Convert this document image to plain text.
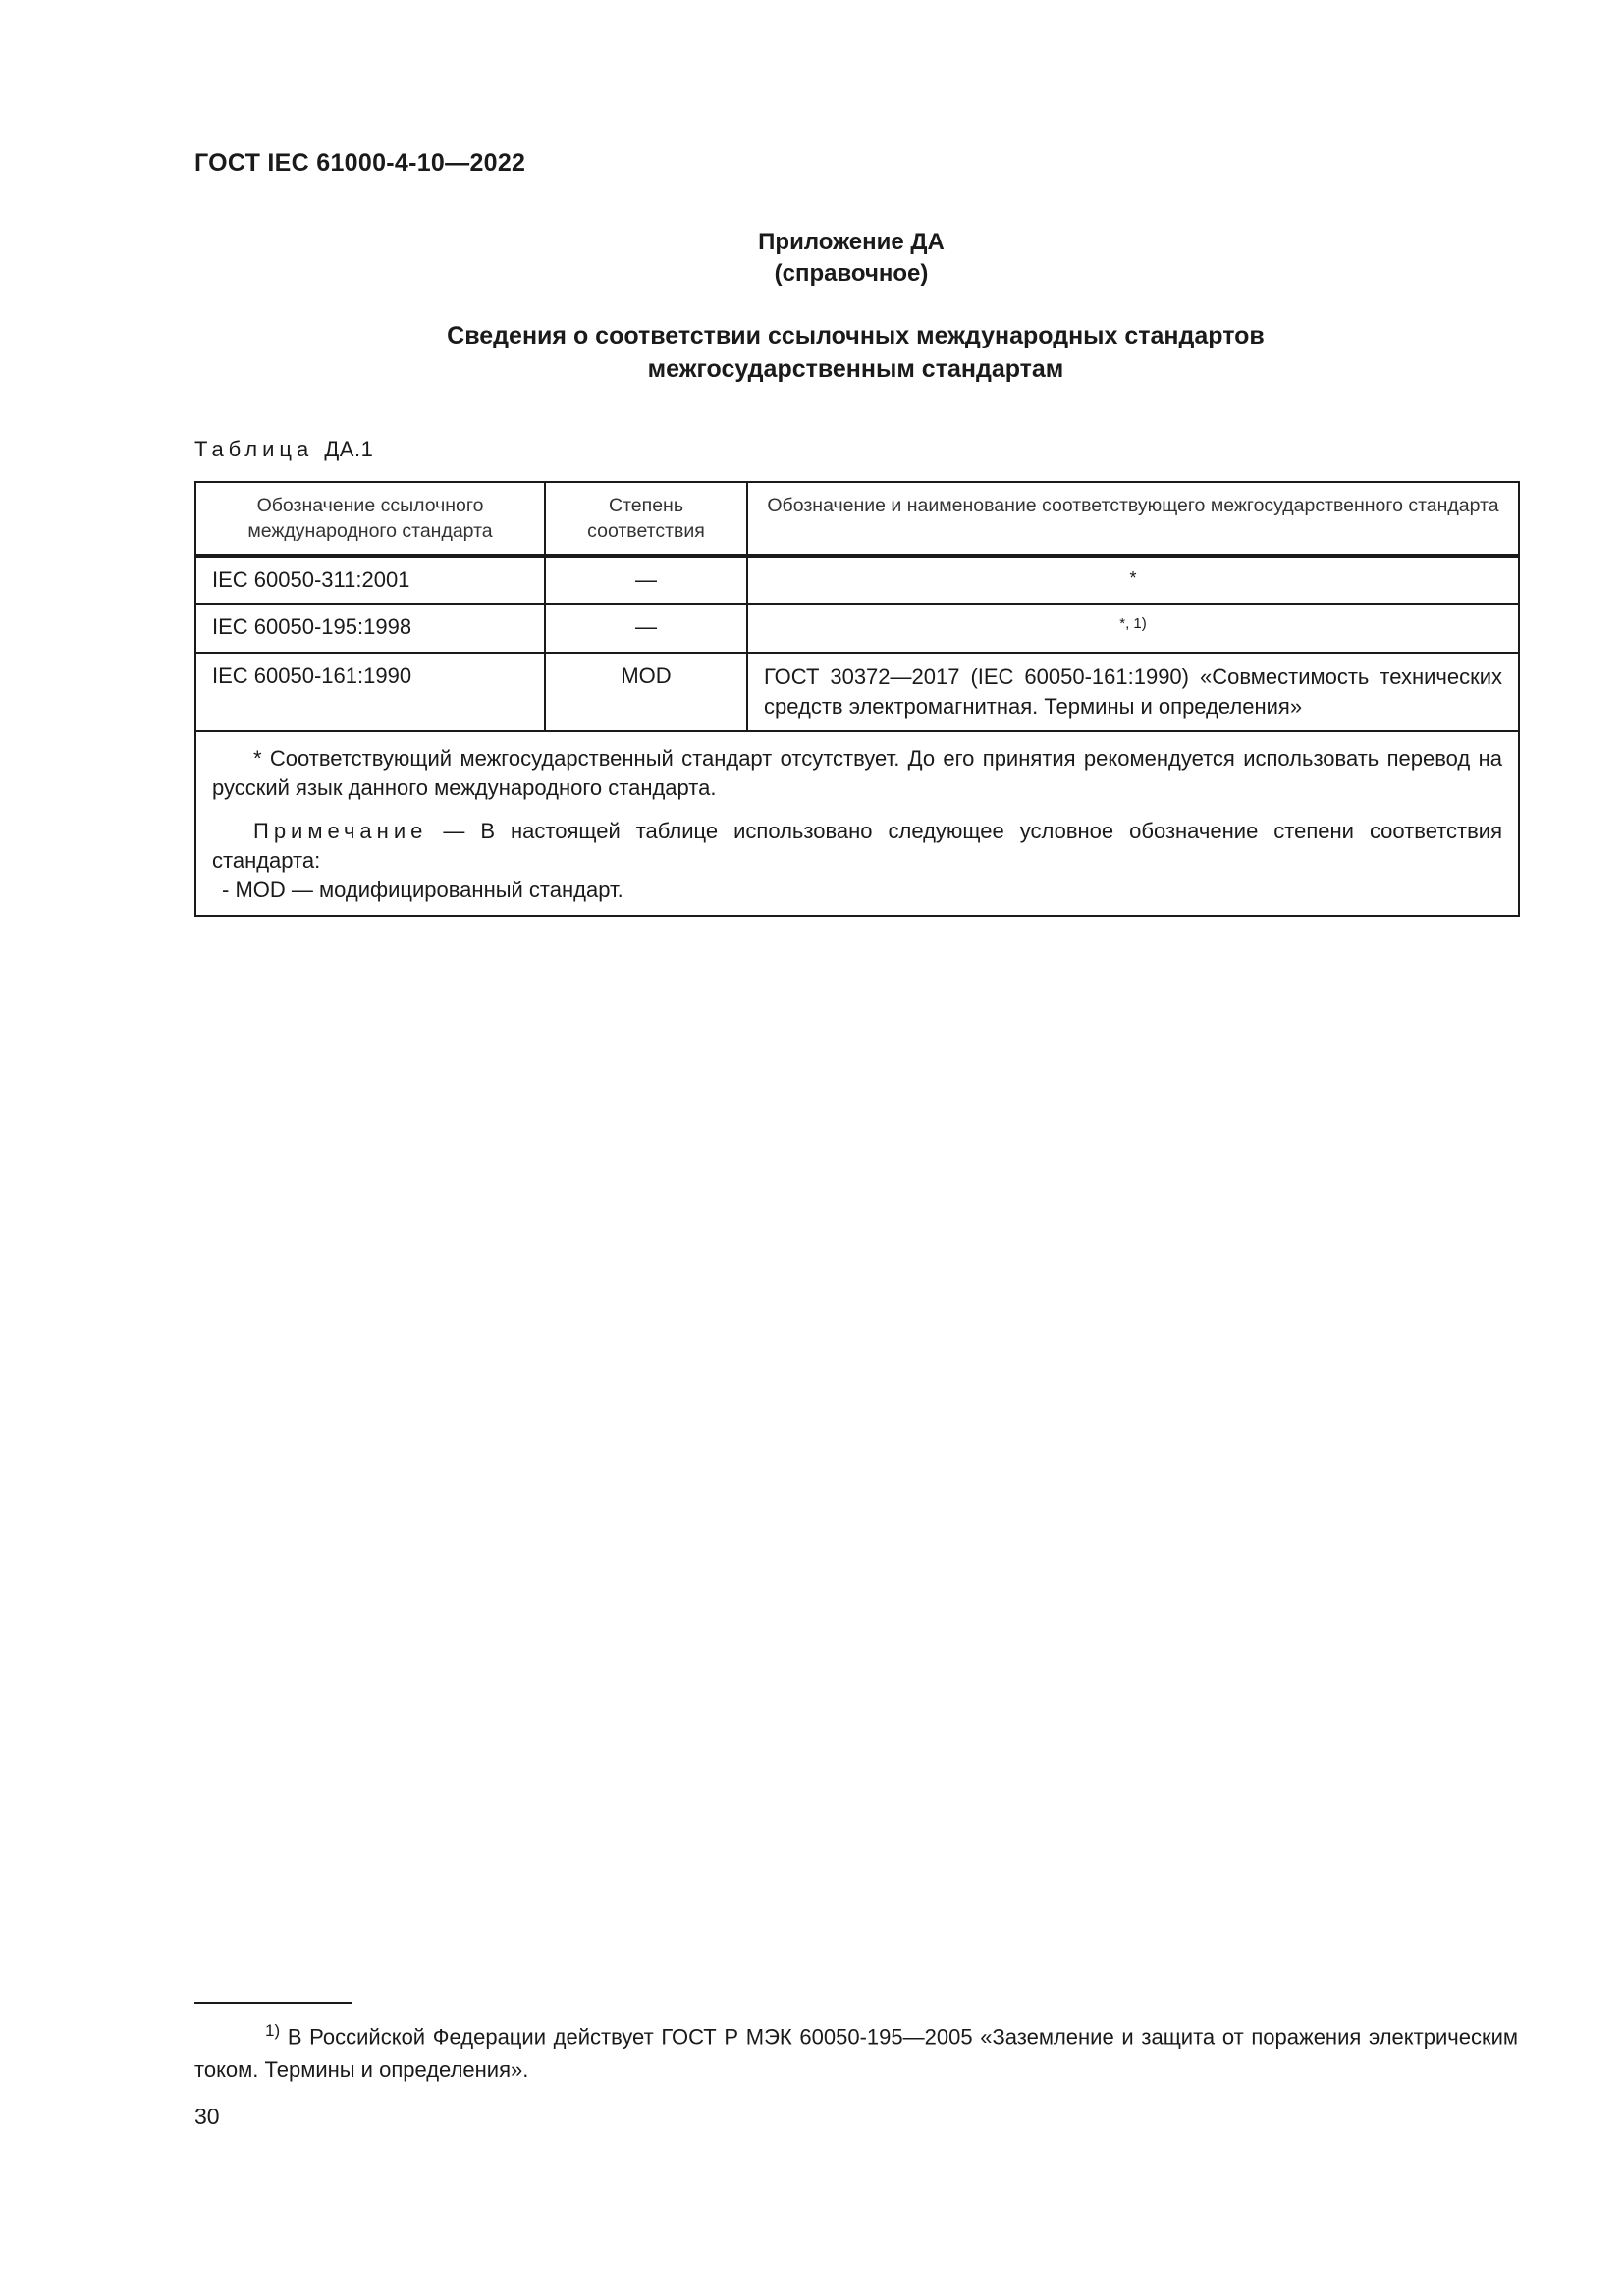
ГОСТ IEC 61000-4-10—2022
Приложение ДА
(справочное)
Сведения о соответствии ссылочных международных стандартов
межгосударственным стандартам
Таблица ДА.1
Обозначение ссылочного международного стандарта	Степень соответствия	Обозначение и наименование соответствующего межгосударственного стандарта
IEC 60050-311:2001	—	*
IEC 60050-195:1998	—	$^{*, 1)}$
IEC 60050-161:1990	MOD	ГОСТ 30372—2017 (IEC 60050-161:1990) «Совместимость технических средств электромагнитная. Термины и определения»

* Соответствующий межгосударственный стандарт отсутствует. До его принятия рекомендуется использовать перевод на русский язык данного международного стандарта.

Примечание — В настоящей таблице использовано следующее условное обозначение степени соответствия стандарта:

- MOD — модифицированный стандарт.		

$^{1)}$ В Российской Федерации действует ГОСТ Р МЭК 60050-195—2005 «Заземление и защита от поражения электрическим током. Термины и определения».
30
